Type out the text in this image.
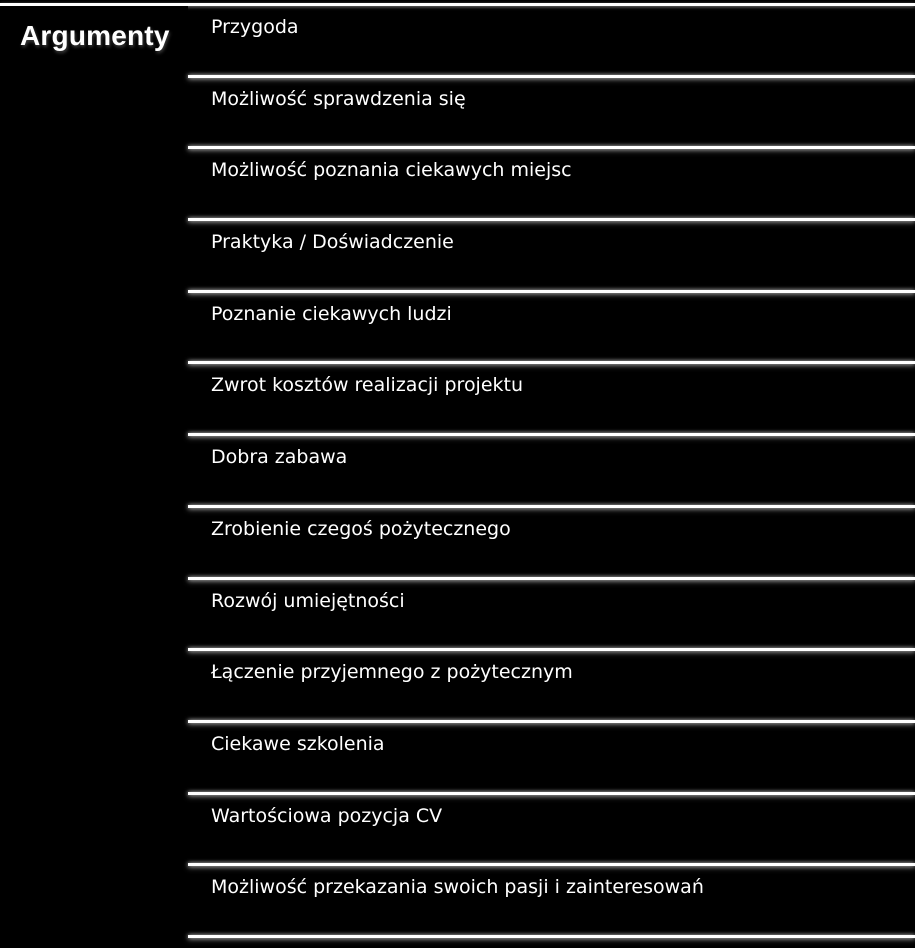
Argumenty Przygoda
Możliwość sprawdzenia się
Możliwość poznania ciekawych miejsc
Praktyka / Doświadczenie
Poznanie ciekawych ludzi
Zwrot kosztów realizacji projektu
Dobra zabawa
Zrobienie czegoś pożytecznego
Rozwój umiejętności
Łączenie przyjemnego z pożytecznym
Ciekawe szkolenia
Wartościowa pozycja CV
Możliwość przekazania swoich pasji i zainteresowań
